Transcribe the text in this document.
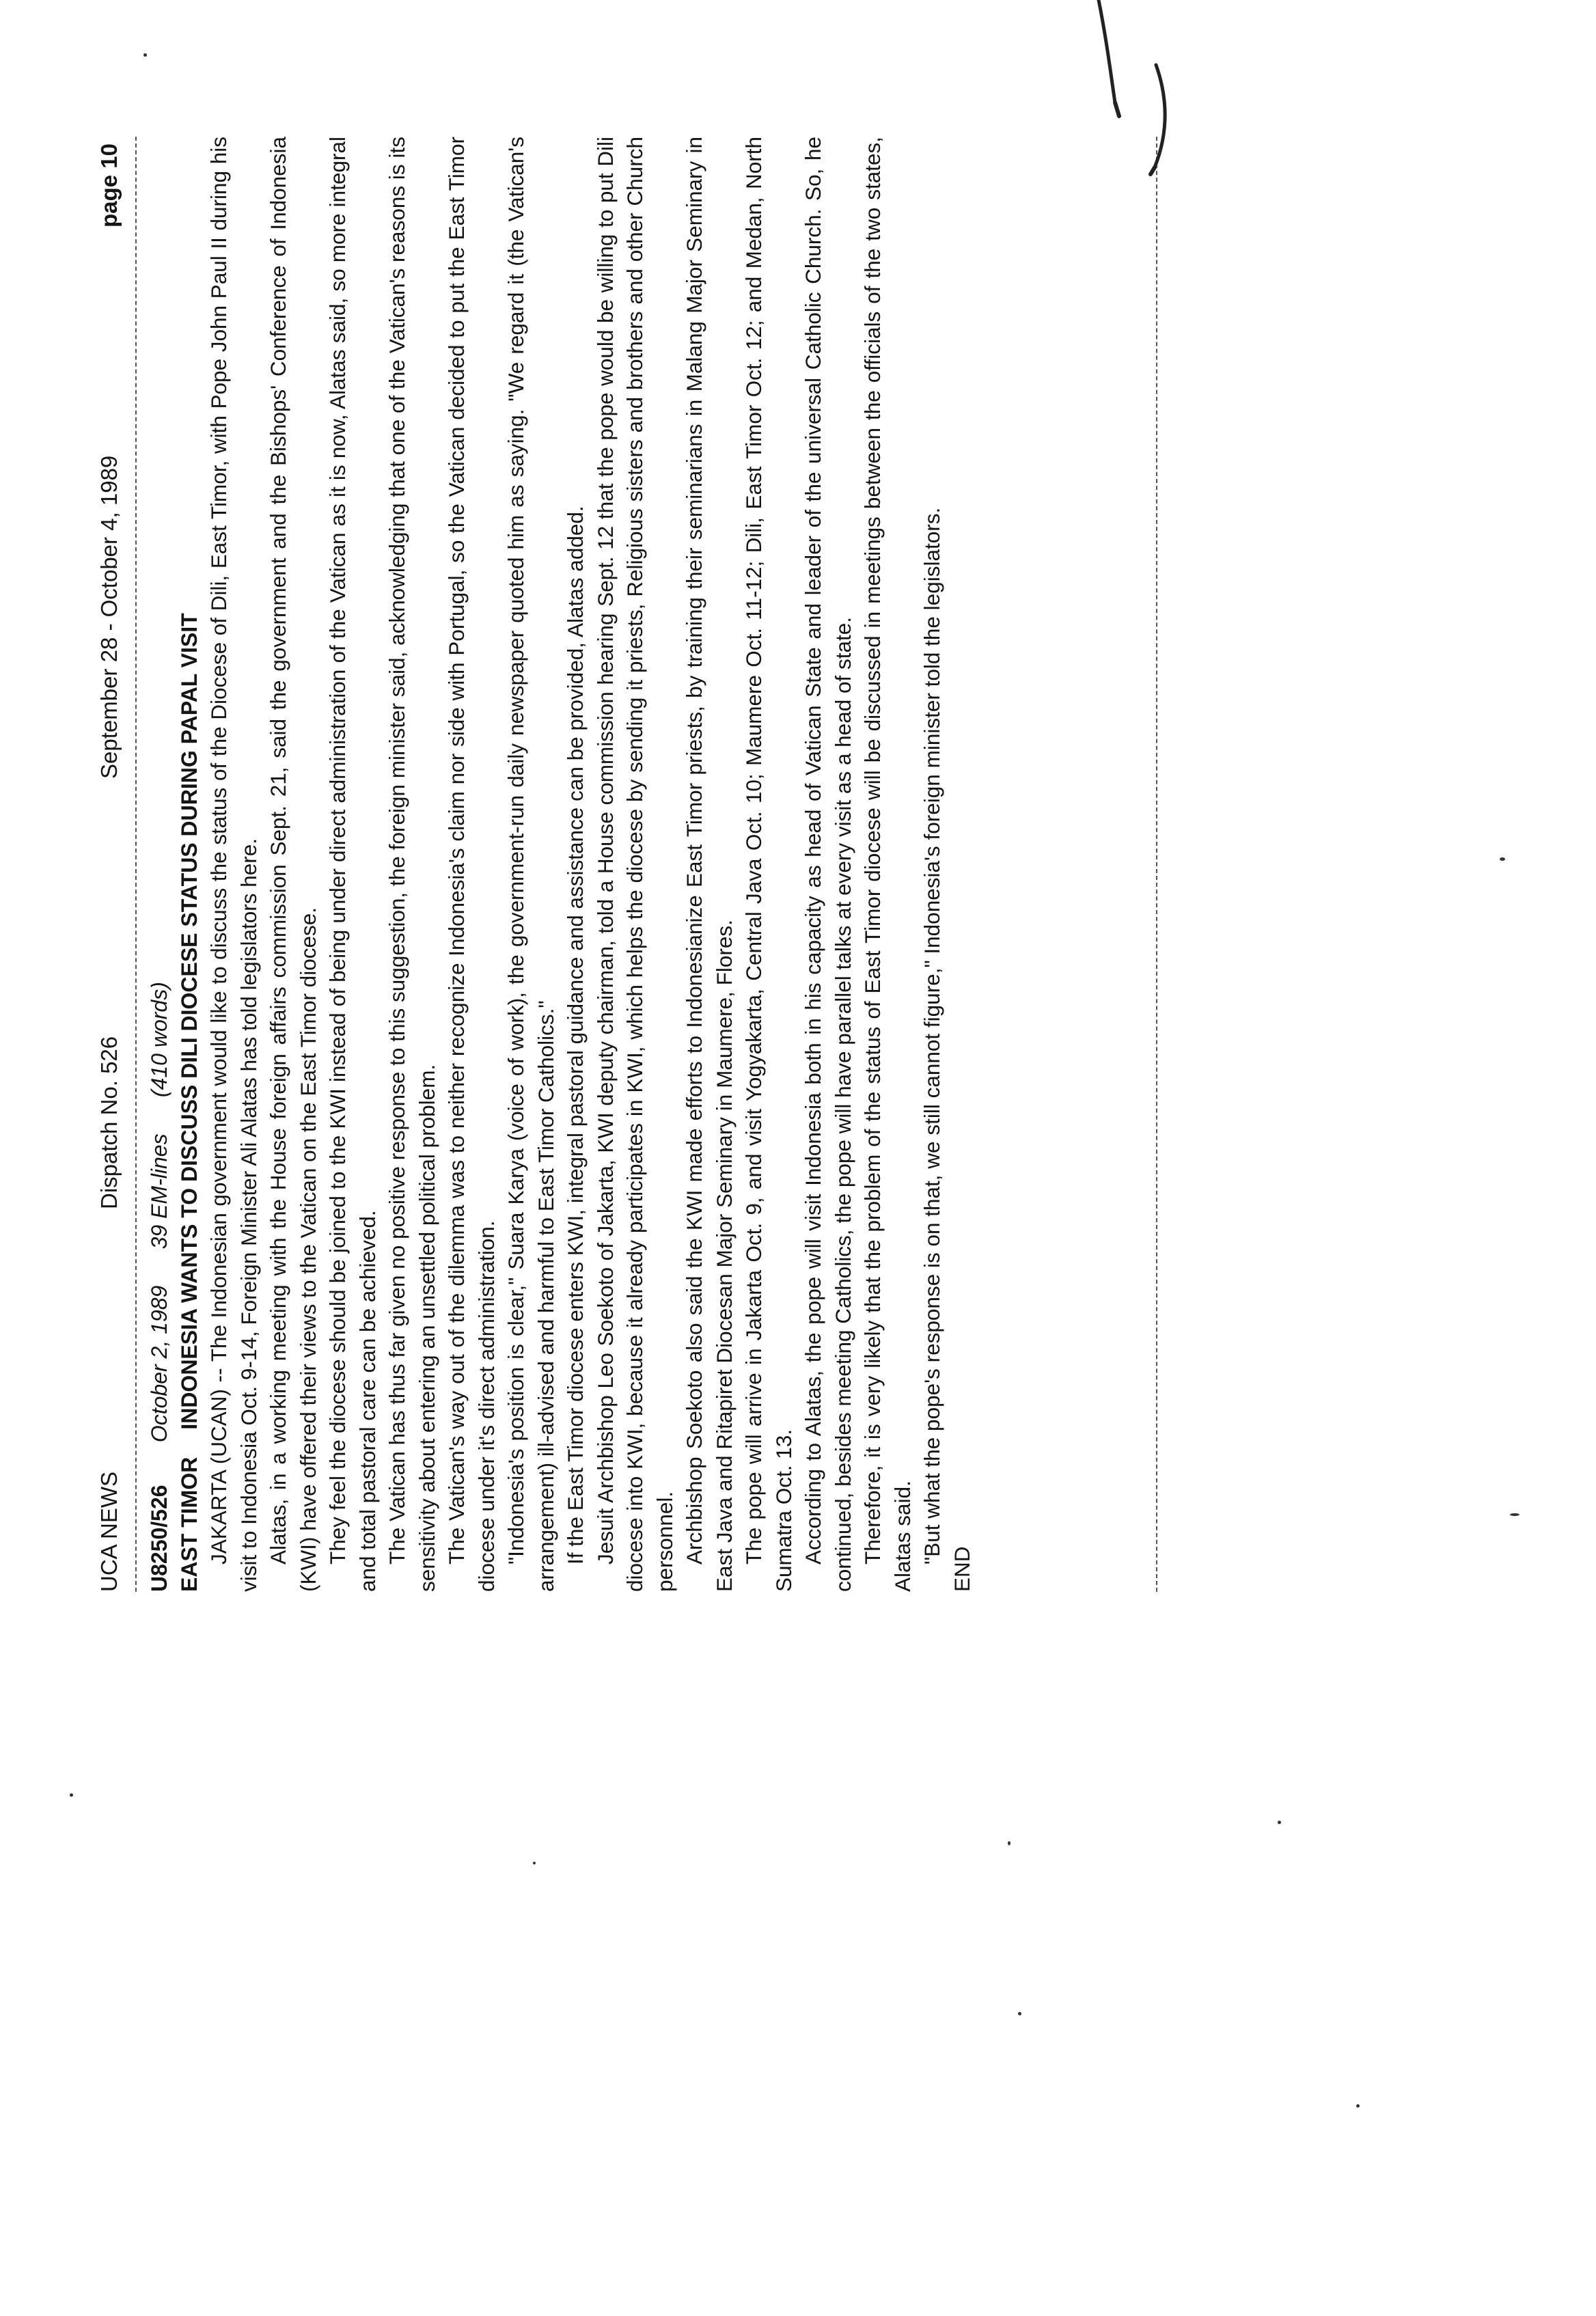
UCA NEWS
Dispatch No. 526
September 28 - October 4, 1989
page 10
U8250/526       October 2, 1989      39 EM-lines      (410 words)
EAST TIMORINDONESIA WANTS TO DISCUSS DILI DIOCESE STATUS DURING PAPAL VISIT JAKARTA (UCAN) -- The Indonesian government would like to discuss the status of the Diocese of Dili, East Timor, with Pope John Paul II during his visit to Indonesia Oct. 9-14, Foreign Minister Ali Alatas has told legislators here. Alatas, in a working meeting with the House foreign affairs commission Sept. 21, said the government and the Bishops' Conference of Indonesia (KWI) have offered their views to the Vatican on the East Timor diocese. They feel the diocese should be joined to the KWI instead of being under direct administration of the Vatican as it is now, Alatas said, so more integral and total pastoral care can be achieved. The Vatican has thus far given no positive response to this suggestion, the foreign minister said, acknowledging that one of the Vatican's reasons is its sensitivity about entering an unsettled political problem. The Vatican's way out of the dilemma was to neither recognize Indonesia's claim nor side with Portugal, so the Vatican decided to put the East Timor diocese under it's direct administration. "Indonesia's position is clear," Suara Karya (voice of work), the government-run daily newspaper quoted him as saying. "We regard it (the Vatican's arrangement) ill-advised and harmful to East Timor Catholics." If the East Timor diocese enters KWI, integral pastoral guidance and assistance can be provided, Alatas added. Jesuit Archbishop Leo Soekoto of Jakarta, KWI deputy chairman, told a House commission hearing Sept. 12 that the pope would be willing to put Dili diocese into KWI, because it already participates in KWI, which helps the diocese by sending it priests, Religious sisters and brothers and other Church personnel. Archbishop Soekoto also said the KWI made efforts to Indonesianize East Timor priests, by training their seminarians in Malang Major Seminary in East Java and Ritapiret Diocesan Major Seminary in Maumere, Flores. The pope will arrive in Jakarta Oct. 9, and visit Yogyakarta, Central Java Oct. 10; Maumere Oct. 11-12; Dili, East Timor Oct. 12; and Medan, North Sumatra Oct. 13. According to Alatas, the pope will visit Indonesia both in his capacity as head of Vatican State and leader of the universal Catholic Church. So, he continued, besides meeting Catholics, the pope will have parallel talks at every visit as a head of state. Therefore, it is very likely that the problem of the status of East Timor diocese will be discussed in meetings between the officials of the two states, Alatas said. "But what the pope's response is on that, we still cannot figure," Indonesia's foreign minister told the legislators.

END
